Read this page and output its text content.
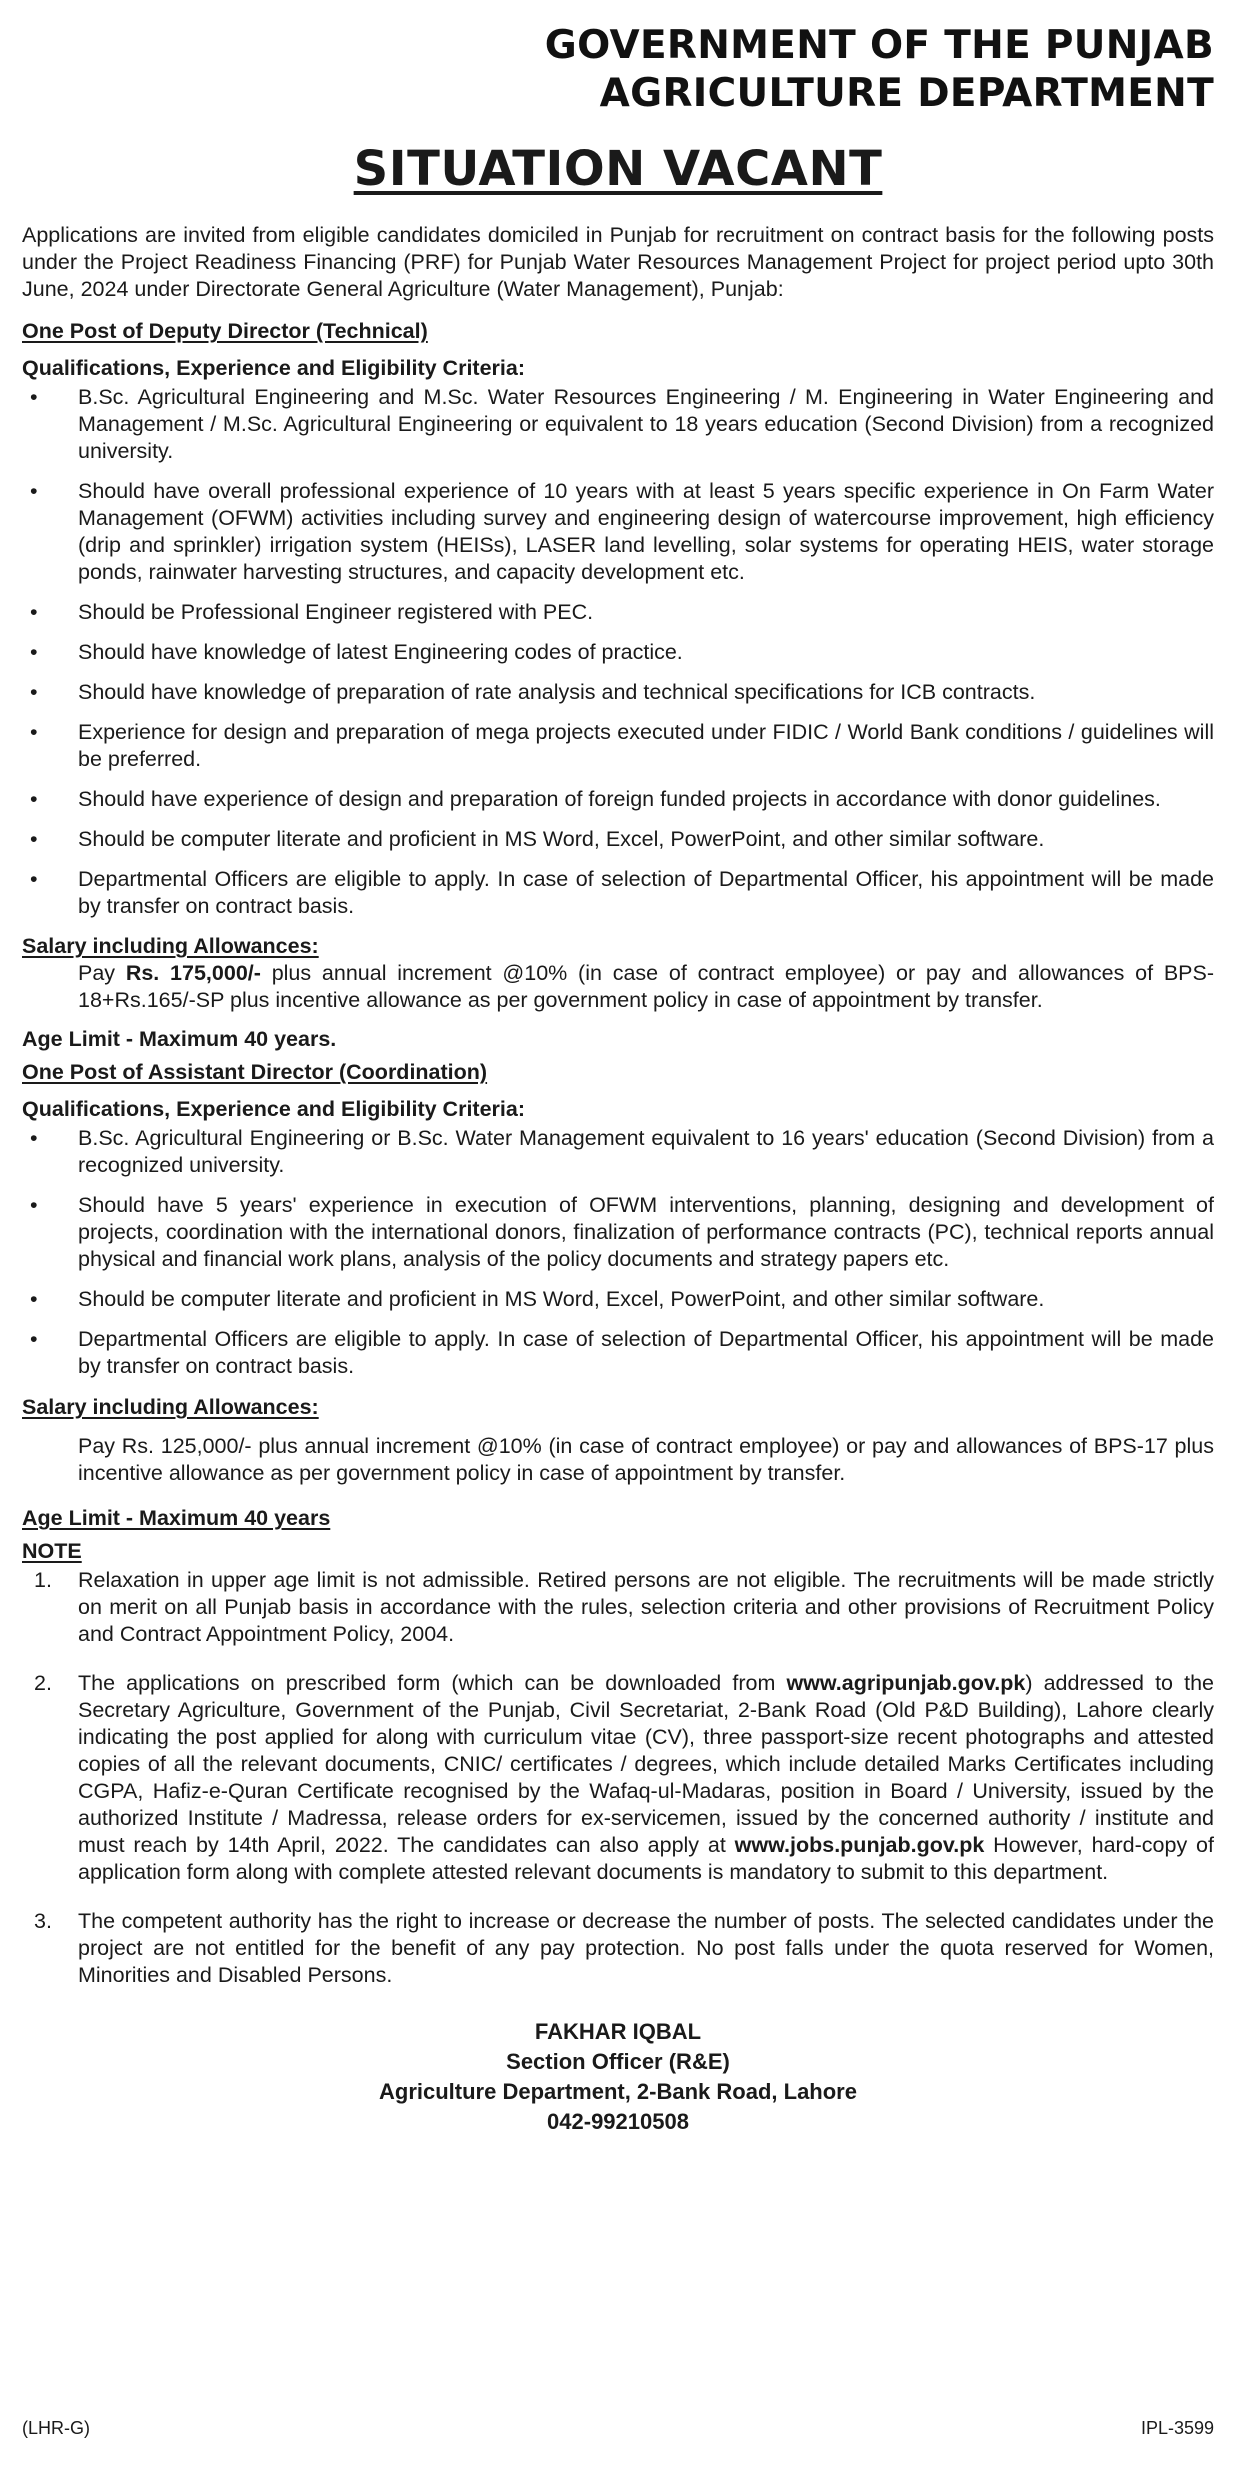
GOVERNMENT OF THE PUNJAB
AGRICULTURE DEPARTMENT
SITUATION VACANT
Applications are invited from eligible candidates domiciled in Punjab for recruitment on contract basis for the following posts under the Project Readiness Financing (PRF) for Punjab Water Resources Management Project for project period upto 30th June, 2024 under Directorate General Agriculture (Water Management), Punjab:
One Post of Deputy Director (Technical)
Qualifications, Experience and Eligibility Criteria:
• B.Sc. Agricultural Engineering and M.Sc. Water Resources Engineering / M. Engineering in Water Engineering and Management / M.Sc. Agricultural Engineering or equivalent to 18 years education (Second Division) from a recognized university.
• Should have overall professional experience of 10 years with at least 5 years specific experience in On Farm Water Management (OFWM) activities including survey and engineering design of watercourse improvement, high efficiency (drip and sprinkler) irrigation system (HEISs), LASER land levelling, solar systems for operating HEIS, water storage ponds, rainwater harvesting structures, and capacity development etc.
• Should be Professional Engineer registered with PEC.
• Should have knowledge of latest Engineering codes of practice.
• Should have knowledge of preparation of rate analysis and technical specifications for ICB contracts.
• Experience for design and preparation of mega projects executed under FIDIC / World Bank conditions / guidelines will be preferred.
• Should have experience of design and preparation of foreign funded projects in accordance with donor guidelines.
• Should be computer literate and proficient in MS Word, Excel, PowerPoint, and other similar software.
• Departmental Officers are eligible to apply. In case of selection of Departmental Officer, his appointment will be made by transfer on contract basis.
Salary including Allowances:
Pay Rs. 175,000/- plus annual increment @10% (in case of contract employee) or pay and allowances of BPS-18+Rs.165/-SP plus incentive allowance as per government policy in case of appointment by transfer.
Age Limit - Maximum 40 years.
One Post of Assistant Director (Coordination)
Qualifications, Experience and Eligibility Criteria:
• B.Sc. Agricultural Engineering or B.Sc. Water Management equivalent to 16 years' education (Second Division) from a recognized university.
• Should have 5 years' experience in execution of OFWM interventions, planning, designing and development of projects, coordination with the international donors, finalization of performance contracts (PC), technical reports annual physical and financial work plans, analysis of the policy documents and strategy papers etc.
• Should be computer literate and proficient in MS Word, Excel, PowerPoint, and other similar software.
• Departmental Officers are eligible to apply. In case of selection of Departmental Officer, his appointment will be made by transfer on contract basis.
Salary including Allowances:
Pay Rs. 125,000/- plus annual increment @10% (in case of contract employee) or pay and allowances of BPS-17 plus incentive allowance as per government policy in case of appointment by transfer.
Age Limit - Maximum 40 years
NOTE
1. Relaxation in upper age limit is not admissible. Retired persons are not eligible. The recruitments will be made strictly on merit on all Punjab basis in accordance with the rules, selection criteria and other provisions of Recruitment Policy and Contract Appointment Policy, 2004.
2. The applications on prescribed form (which can be downloaded from www.agripunjab.gov.pk) addressed to the Secretary Agriculture, Government of the Punjab, Civil Secretariat, 2-Bank Road (Old P&D Building), Lahore clearly indicating the post applied for along with curriculum vitae (CV), three passport-size recent photographs and attested copies of all the relevant documents, CNIC/ certificates / degrees, which include detailed Marks Certificates including CGPA, Hafiz-e-Quran Certificate recognised by the Wafaq-ul-Madaras, position in Board / University, issued by the authorized Institute / Madressa, release orders for ex-servicemen, issued by the concerned authority / institute and must reach by 14th April, 2022. The candidates can also apply at www.jobs.punjab.gov.pk However, hard-copy of application form along with complete attested relevant documents is mandatory to submit to this department.
3. The competent authority has the right to increase or decrease the number of posts. The selected candidates under the project are not entitled for the benefit of any pay protection. No post falls under the quota reserved for Women, Minorities and Disabled Persons.
FAKHAR IQBAL
Section Officer (R&E)
Agriculture Department, 2-Bank Road, Lahore
042-99210508
(LHR-G)	IPL-3599
